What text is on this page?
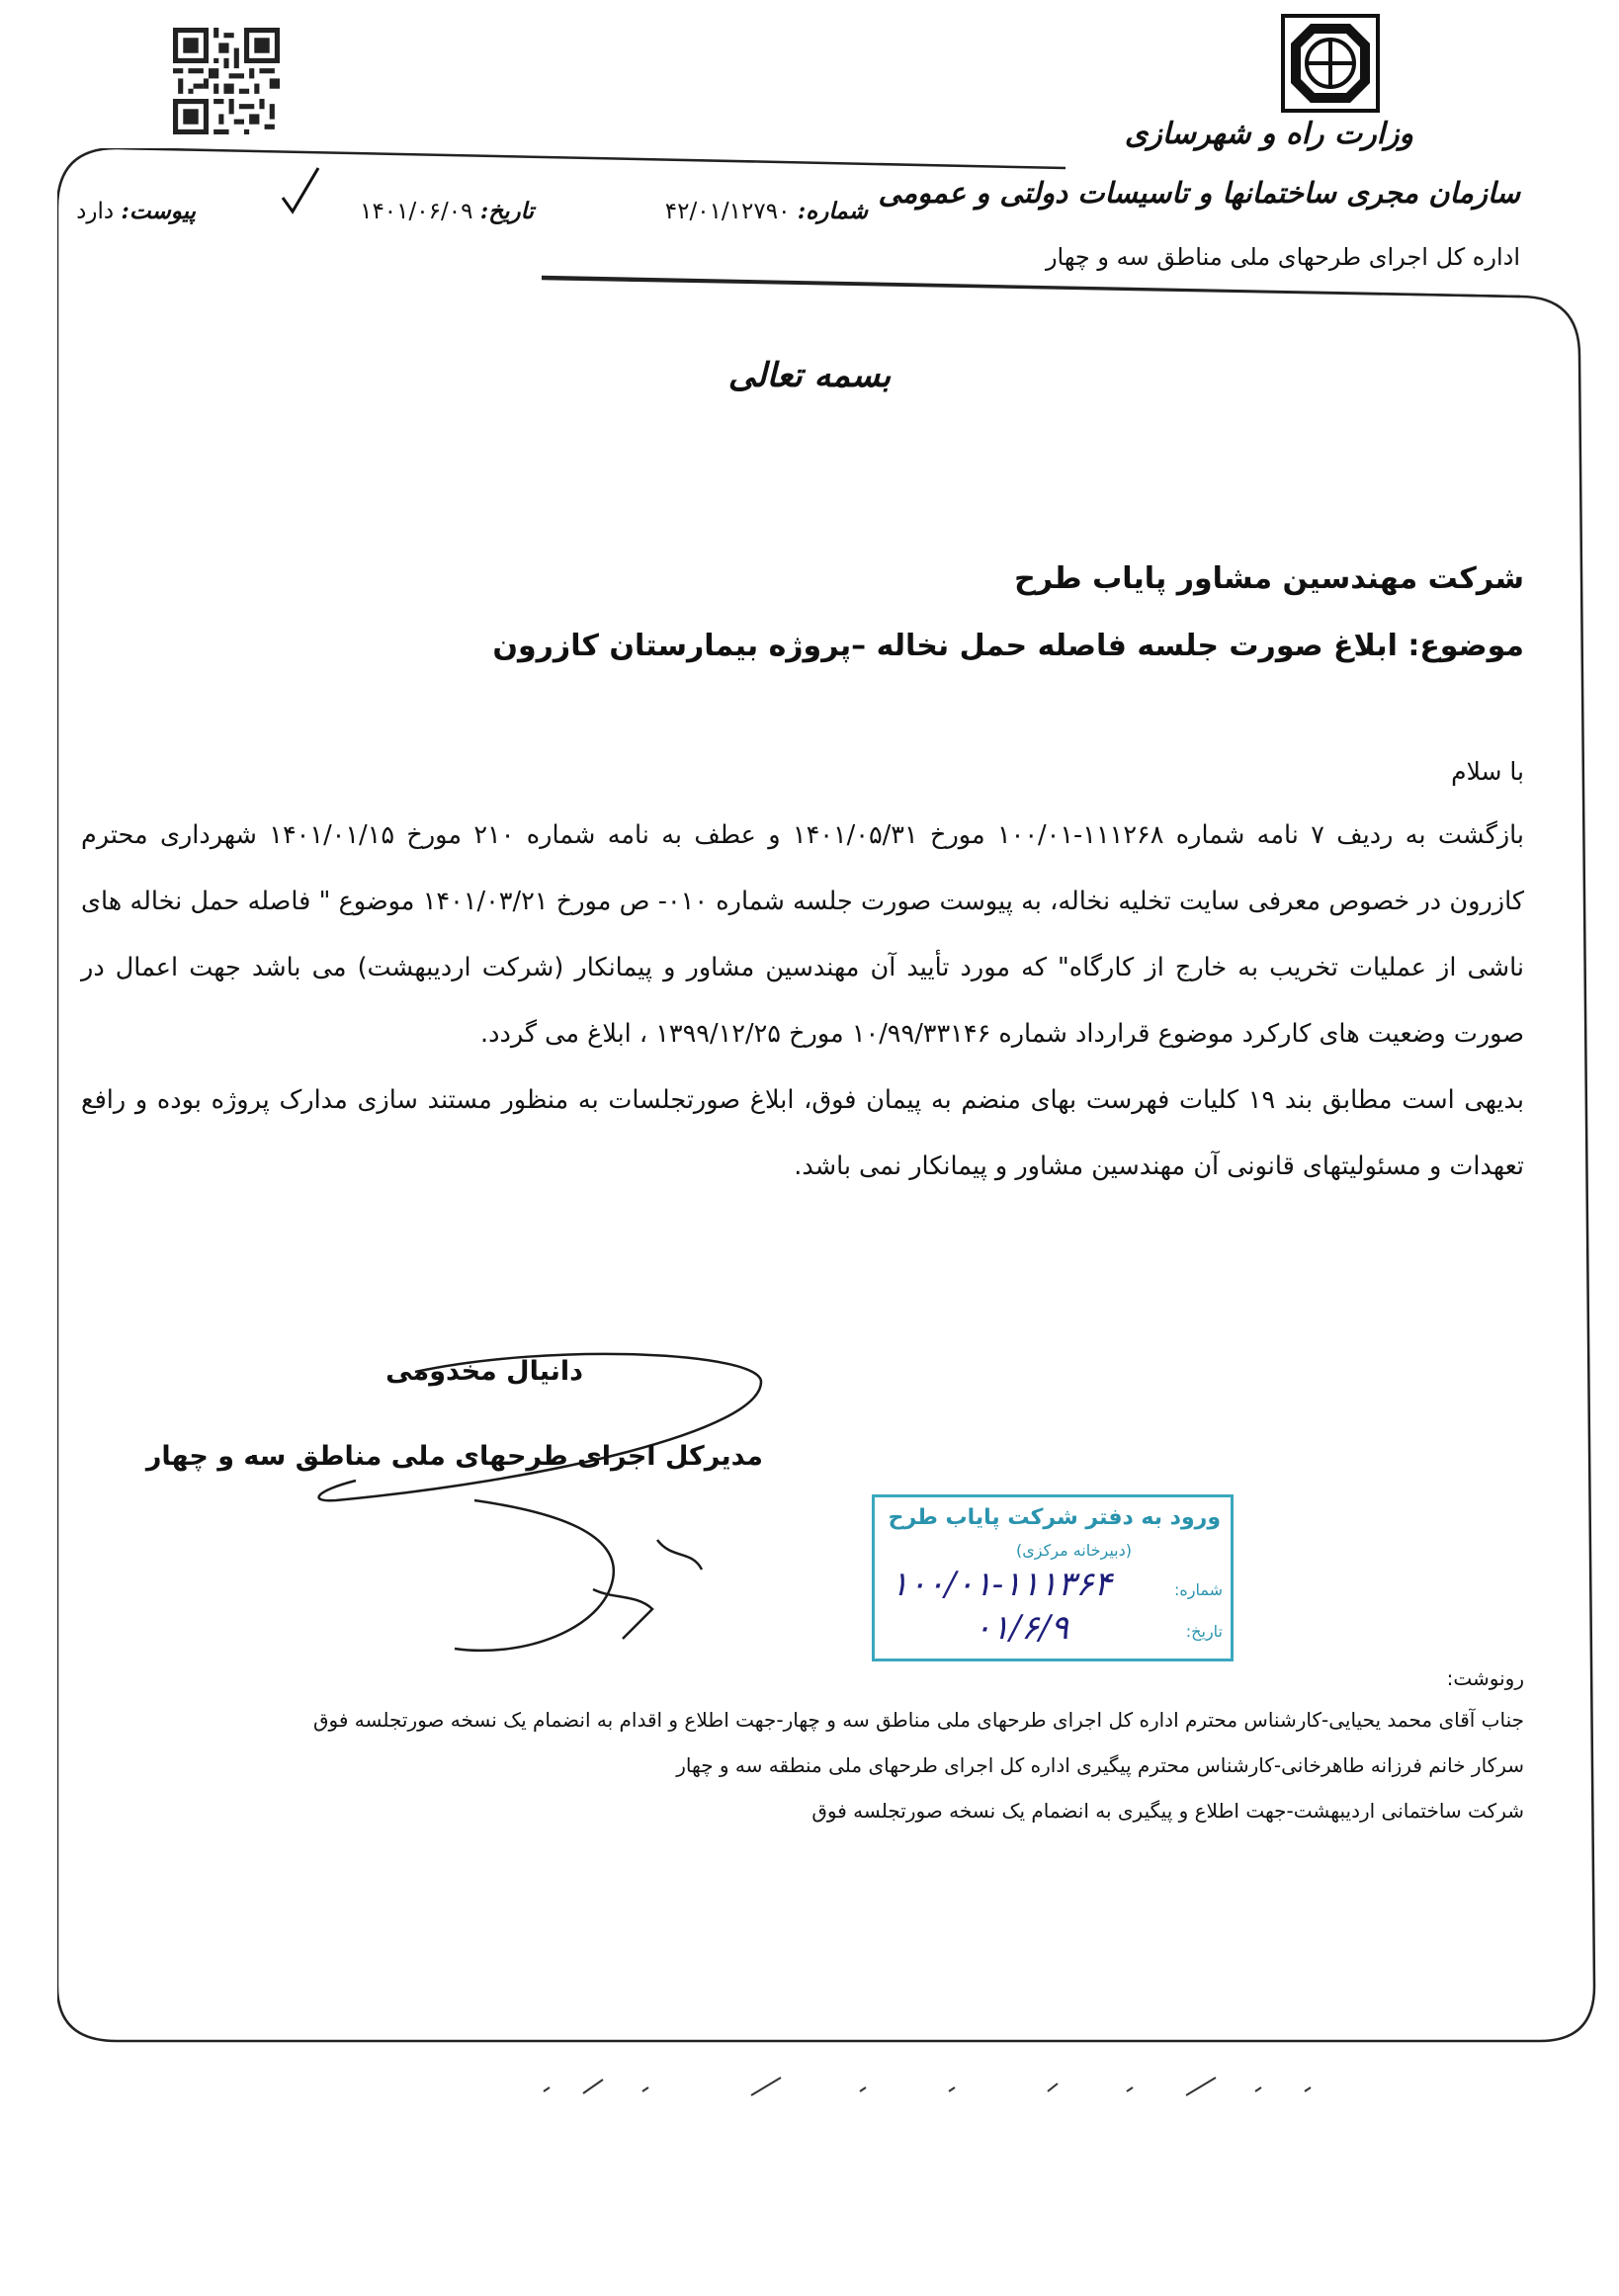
وزارت راه و شهرسازی
سازمان مجری ساختمانها و تاسیسات دولتی و عمومی
اداره کل اجرای طرحهای ملی مناطق سه و چهار
شماره: ۴۲/۰۱/۱۲۷۹۰
تاریخ: ۱۴۰۱/۰۶/۰۹
پیوست: دارد
بسمه تعالی
شرکت مهندسین مشاور پایاب طرح
موضوع: ابلاغ صورت جلسه فاصله حمل نخاله –پروژه بیمارستان کازرون
با سلام

بازگشت به ردیف ۷ نامه شماره ۱۱۱۲۶۸-۱۰۰/۰۱ مورخ ۱۴۰۱/۰۵/۳۱ و عطف به نامه شماره ۲۱۰ مورخ ۱۴۰۱/۰۱/۱۵ شهرداری محترم کازرون در خصوص معرفی سایت تخلیه نخاله، به پیوست صورت جلسه شماره ۰۱۰- ص مورخ ۱۴۰۱/۰۳/۲۱ موضوع " فاصله حمل نخاله های ناشی از عملیات تخریب به خارج از کارگاه" که مورد تأیید آن مهندسین مشاور و پیمانکار (شرکت اردیبهشت) می باشد جهت اعمال در صورت وضعیت های کارکرد موضوع قرارداد شماره ۱۰/۹۹/۳۳۱۴۶ مورخ ۱۳۹۹/۱۲/۲۵ ، ابلاغ می گردد.

بدیهی است مطابق بند ۱۹ کلیات فهرست بهای منضم به پیمان فوق، ابلاغ صورتجلسات به منظور مستند سازی مدارک پروژه بوده و رافع تعهدات و مسئولیتهای قانونی آن مهندسین مشاور و پیمانکار نمی باشد.

دانیال مخدومی
مدیرکل اجرای طرحهای ملی مناطق سه و چهار
ورود به دفتر شرکت پایاب طرح
(دبیرخانه مرکزی)
شماره:
تاریخ:
۱۰۰/۰۱-۱۱۱۳۶۴
۰۱/۶/۹
رونوشت:
جناب آقای محمد یحیایی-کارشناس محترم اداره کل اجرای طرحهای ملی مناطق سه و چهار-جهت اطلاع و اقدام به انضمام یک نسخه صورتجلسه فوق
سرکار خانم فرزانه طاهرخانی-کارشناس محترم پیگیری اداره کل اجرای طرحهای ملی منطقه سه و چهار
شرکت ساختمانی اردیبهشت-جهت اطلاع و پیگیری به انضمام یک نسخه صورتجلسه فوق
